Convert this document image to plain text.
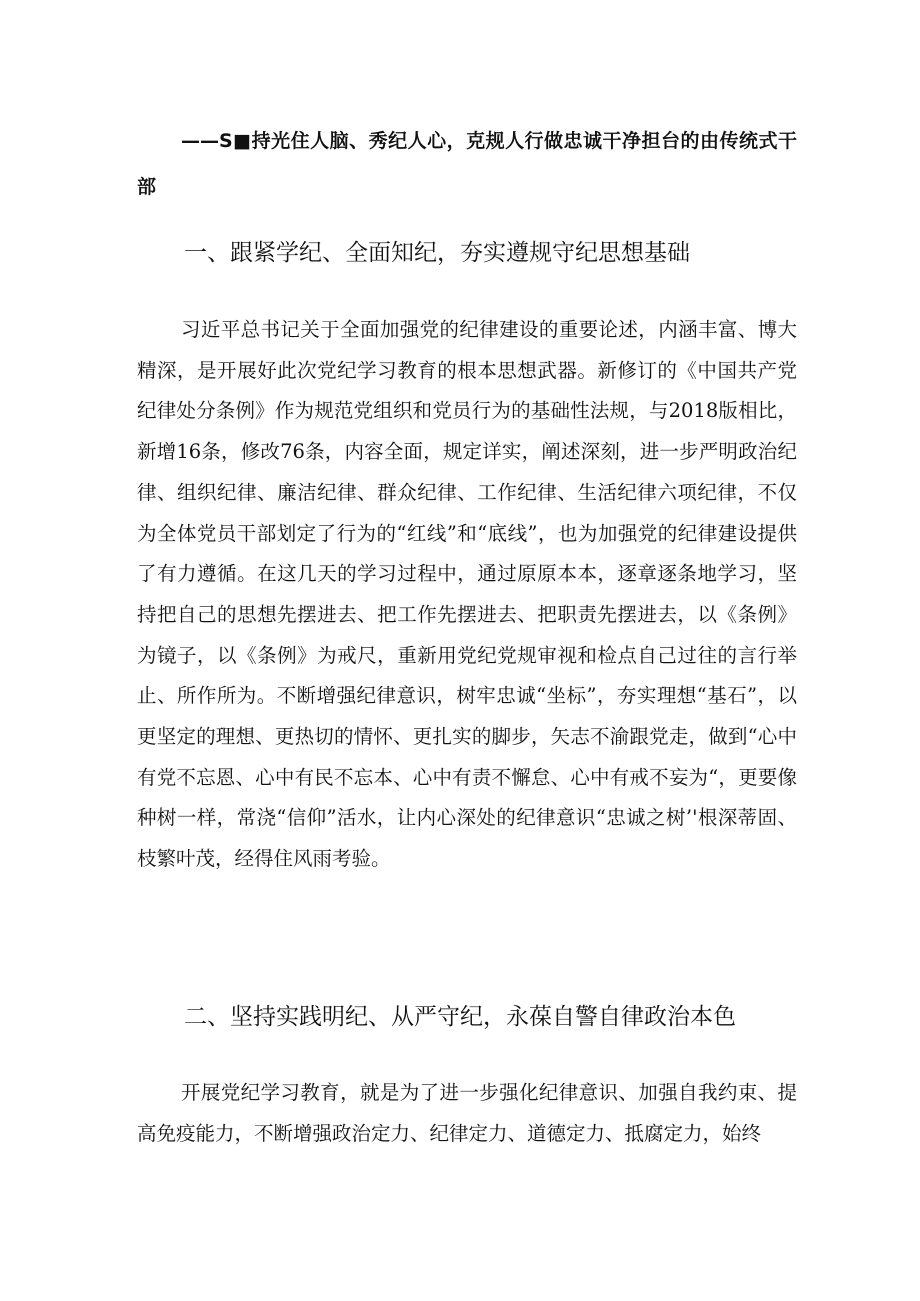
——S■持光住人脑、秀纪人心，克规人行做忠诚干净担台的由传统式干部
一、跟紧学纪、全面知纪，夯实遵规守纪思想基础

习近平总书记关于全面加强党的纪律建设的重要论述，内涵丰富、博大精深，是开展好此次党纪学习教育的根本思想武器。新修订的《中国共产党纪律处分条例》作为规范党组织和党员行为的基础性法规，与2018版相比，新增16条，修改76条，内容全面，规定详实，阐述深刻，进一步严明政治纪律、组织纪律、廉洁纪律、群众纪律、工作纪律、生活纪律六项纪律，不仅为全体党员干部划定了行为的“红线”和“底线”，也为加强党的纪律建设提供了有力遵循。在这几天的学习过程中，通过原原本本，逐章逐条地学习，坚持把自己的思想先摆进去、把工作先摆进去、把职责先摆进去，以《条例》为镜子，以《条例》为戒尺，重新用党纪党规审视和检点自己过往的言行举止、所作所为。不断增强纪律意识，树牢忠诚“坐标”，夯实理想“基石”，以更坚定的理想、更热切的情怀、更扎实的脚步，矢志不渝跟党走，做到“心中有党不忘恩、心中有民不忘本、心中有责不懈怠、心中有戒不妄为“，更要像种树一样，常浇“信仰”活水，让内心深处的纪律意识“忠诚之树’'根深蒂固、枝繁叶茂，经得住风雨考验。

二、坚持实践明纪、从严守纪，永葆自警自律政治本色

开展党纪学习教育，就是为了进一步强化纪律意识、加强自我约束、提高免疫能力，不断增强政治定力、纪律定力、道德定力、抵腐定力，始终
